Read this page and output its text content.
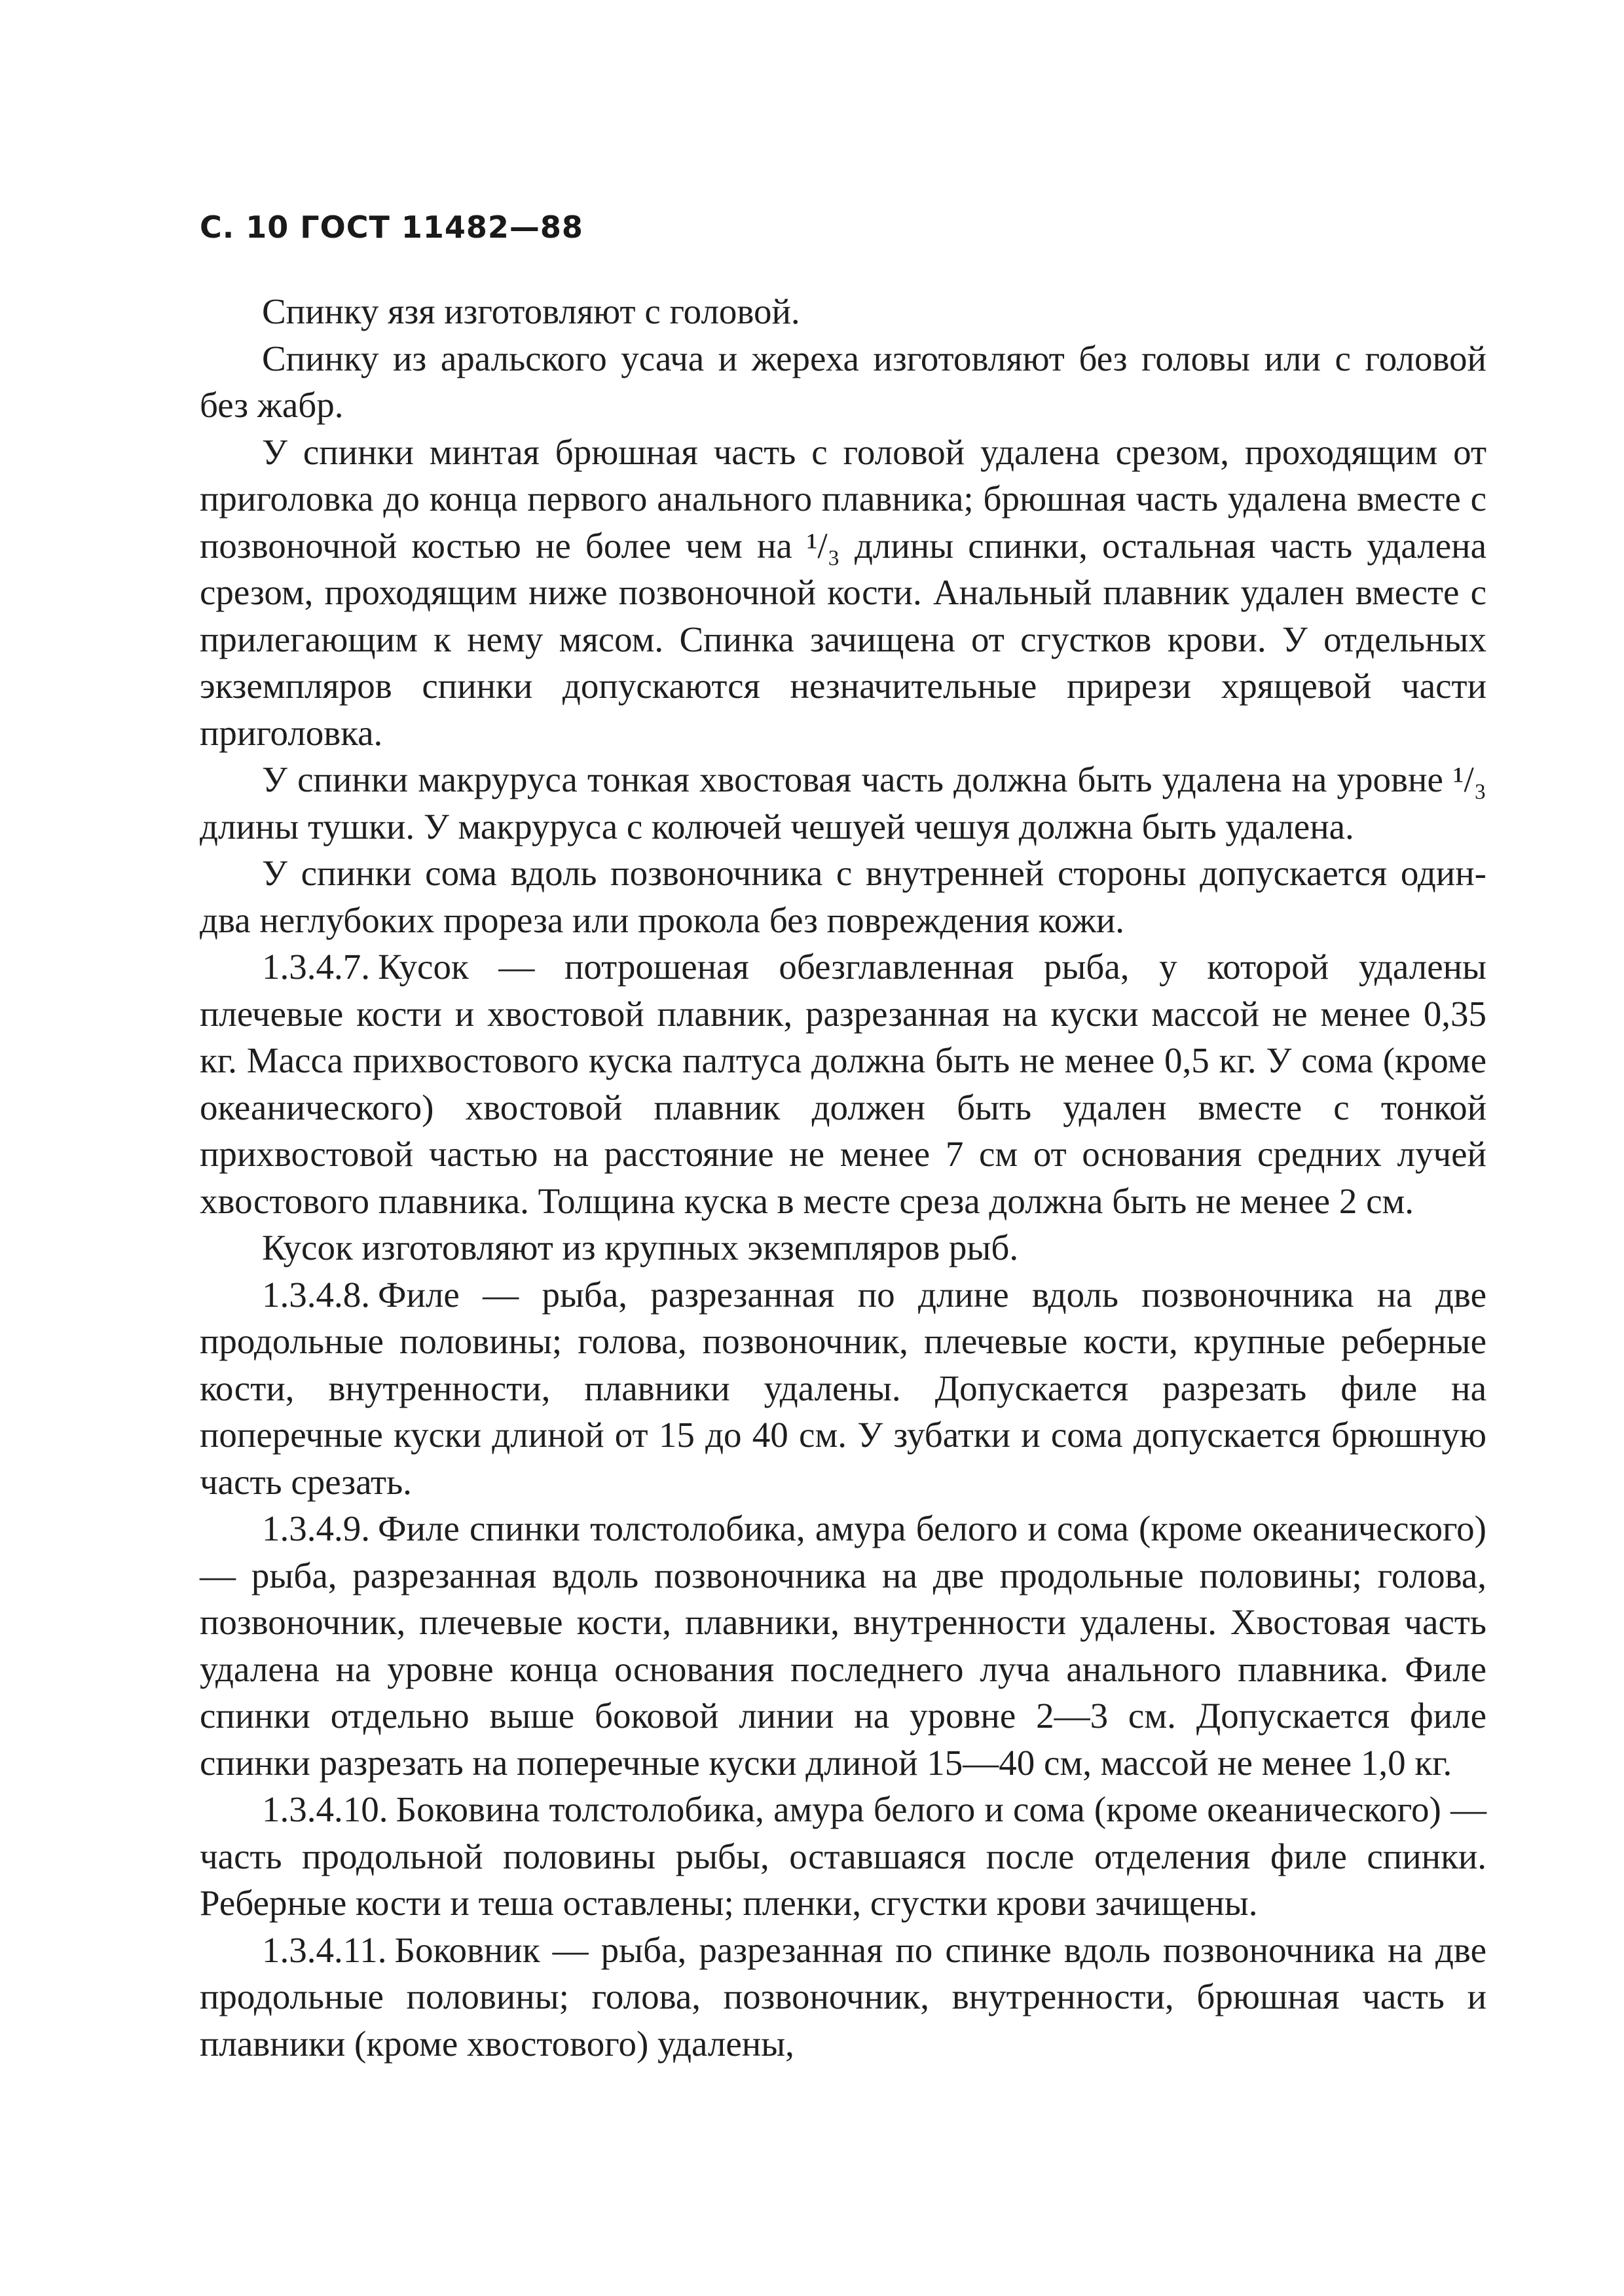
С. 10 ГОСТ 11482—88

Спинку язя изготовляют с головой.

Спинку из аральского усача и жереха изготовляют без головы или с головой без жабр.

У спинки минтая брюшная часть с головой удалена срезом, проходящим от приголовка до конца первого анального плавника; брюшная часть удалена вместе с позвоночной костью не более чем на ¹/₃ длины спинки, остальная часть удалена срезом, проходящим ниже позвоночной кости. Анальный плавник удален вместе с прилегающим к нему мясом. Спинка зачищена от сгустков крови. У отдельных экземпляров спинки допускаются незначительные прирези хрящевой части приголовка.

У спинки макруруса тонкая хвостовая часть должна быть удалена на уровне ¹/₃ длины тушки. У макруруса с колючей чешуей чешуя должна быть удалена.

У спинки сома вдоль позвоночника с внутренней стороны допускается один-два неглубоких прореза или прокола без повреждения кожи.

1.3.4.7. Кусок — потрошеная обезглавленная рыба, у которой удалены плечевые кости и хвостовой плавник, разрезанная на куски массой не менее 0,35 кг. Масса прихвостового куска палтуса должна быть не менее 0,5 кг. У сома (кроме океанического) хвостовой плавник должен быть удален вместе с тонкой прихвостовой частью на расстояние не менее 7 см от основания средних лучей хвостового плавника. Толщина куска в месте среза должна быть не менее 2 см.

Кусок изготовляют из крупных экземпляров рыб.

1.3.4.8. Филе — рыба, разрезанная по длине вдоль позвоночника на две продольные половины; голова, позвоночник, плечевые кости, крупные реберные кости, внутренности, плавники удалены. Допускается разрезать филе на поперечные куски длиной от 15 до 40 см. У зубатки и сома допускается брюшную часть срезать.

1.3.4.9. Филе спинки толстолобика, амура белого и сома (кроме океанического) — рыба, разрезанная вдоль позвоночника на две продольные половины; голова, позвоночник, плечевые кости, плавники, внутренности удалены. Хвостовая часть удалена на уровне конца основания последнего луча анального плавника. Филе спинки отдельно выше боковой линии на уровне 2—3 см. Допускается филе спинки разрезать на поперечные куски длиной 15—40 см, массой не менее 1,0 кг.

1.3.4.10. Боковина толстолобика, амура белого и сома (кроме океанического) — часть продольной половины рыбы, оставшаяся после отделения филе спинки. Реберные кости и теша оставлены; пленки, сгустки крови зачищены.

1.3.4.11. Боковник — рыба, разрезанная по спинке вдоль позвоночника на две продольные половины; голова, позвоночник, внутренности, брюшная часть и плавники (кроме хвостового) удалены,
